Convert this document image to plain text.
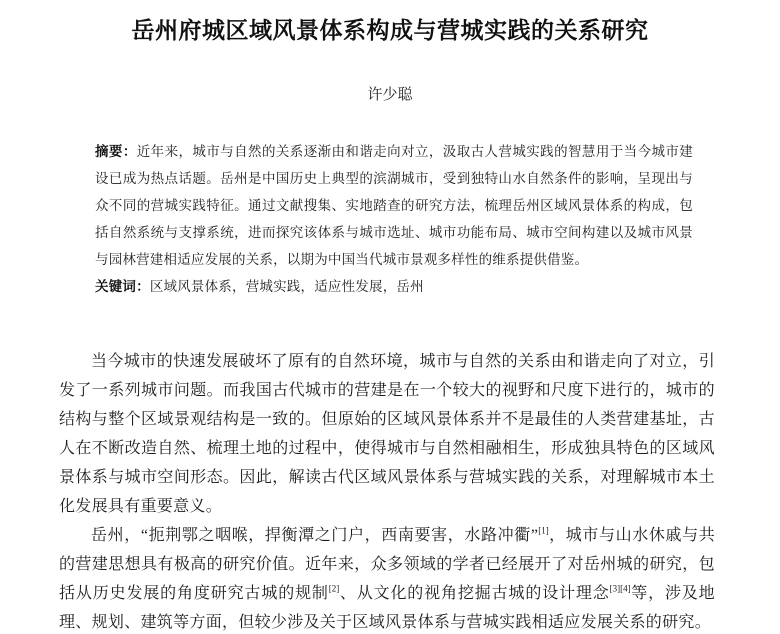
岳州府城区域风景体系构成与营城实践的关系研究
许少聪

摘要：近年来，城市与自然的关系逐渐由和谐走向对立，汲取古人营城实践的智慧用于当今城市建设已成为热点话题。岳州是中国历史上典型的滨湖城市，受到独特山水自然条件的影响，呈现出与众不同的营城实践特征。通过文献搜集、实地踏查的研究方法，梳理岳州区域风景体系的构成，包括自然系统与支撑系统，进而探究该体系与城市选址、城市功能布局、城市空间构建以及城市风景与园林营建相适应发展的关系，以期为中国当代城市景观多样性的维系提供借鉴。

关键词：区域风景体系，营城实践，适应性发展，岳州

当今城市的快速发展破坏了原有的自然环境，城市与自然的关系由和谐走向了对立，引发了一系列城市问题。而我国古代城市的营建是在一个较大的视野和尺度下进行的，城市的结构与整个区域景观结构是一致的。但原始的区域风景体系并不是最佳的人类营建基址，古人在不断改造自然、梳理土地的过程中，使得城市与自然相融相生，形成独具特色的区域风景体系与城市空间形态。因此，解读古代区域风景体系与营城实践的关系，对理解城市本土化发展具有重要意义。

岳州，“扼荆鄂之咽喉，捍衡潭之门户，西南要害，水路冲衢”[1]，城市与山水休戚与共的营建思想具有极高的研究价值。近年来，众多领域的学者已经展开了对岳州城的研究，包括从历史发展的角度研究古城的规制[2]、从文化的视角挖掘古城的设计理念[3][4]等，涉及地理、规划、建筑等方面，但较少涉及关于区域风景体系与营城实践相适应发展关系的研究。
